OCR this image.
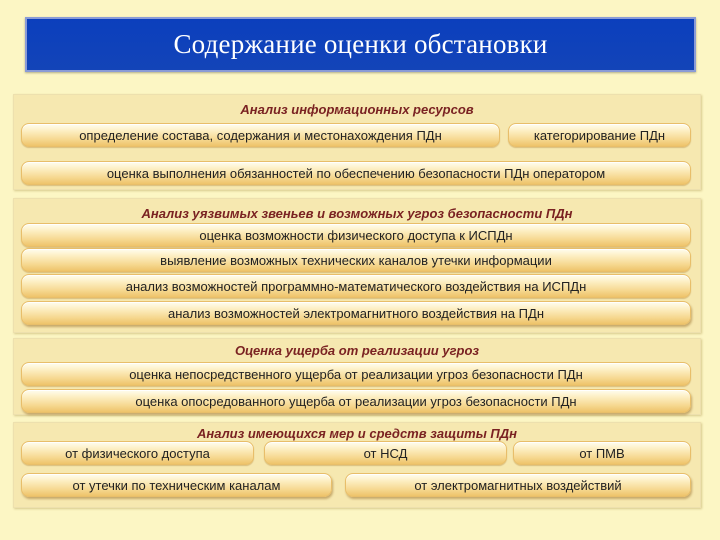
Содержание оценки обстановки
Анализ информационных ресурсов
определение состава, содержания и местонахождения ПДн	категорирование ПДн
оценка выполнения обязанностей по обеспечению безопасности ПДн оператором
Анализ уязвимых звеньев и возможных угроз безопасности ПДн
оценка возможности физического доступа к ИСПДн
выявление возможных технических каналов утечки информации
анализ возможностей программно-математического воздействия на ИСПДн
анализ возможностей электромагнитного воздействия на ПДн
Оценка ущерба от реализации угроз
оценка непосредственного ущерба от реализации угроз безопасности ПДн
оценка опосредованного ущерба от реализации угроз безопасности ПДн
Анализ имеющихся мер и средств защиты ПДн
от физического доступа	от НСД	от ПМВ
от утечки по техническим каналам	от электромагнитных воздействий
